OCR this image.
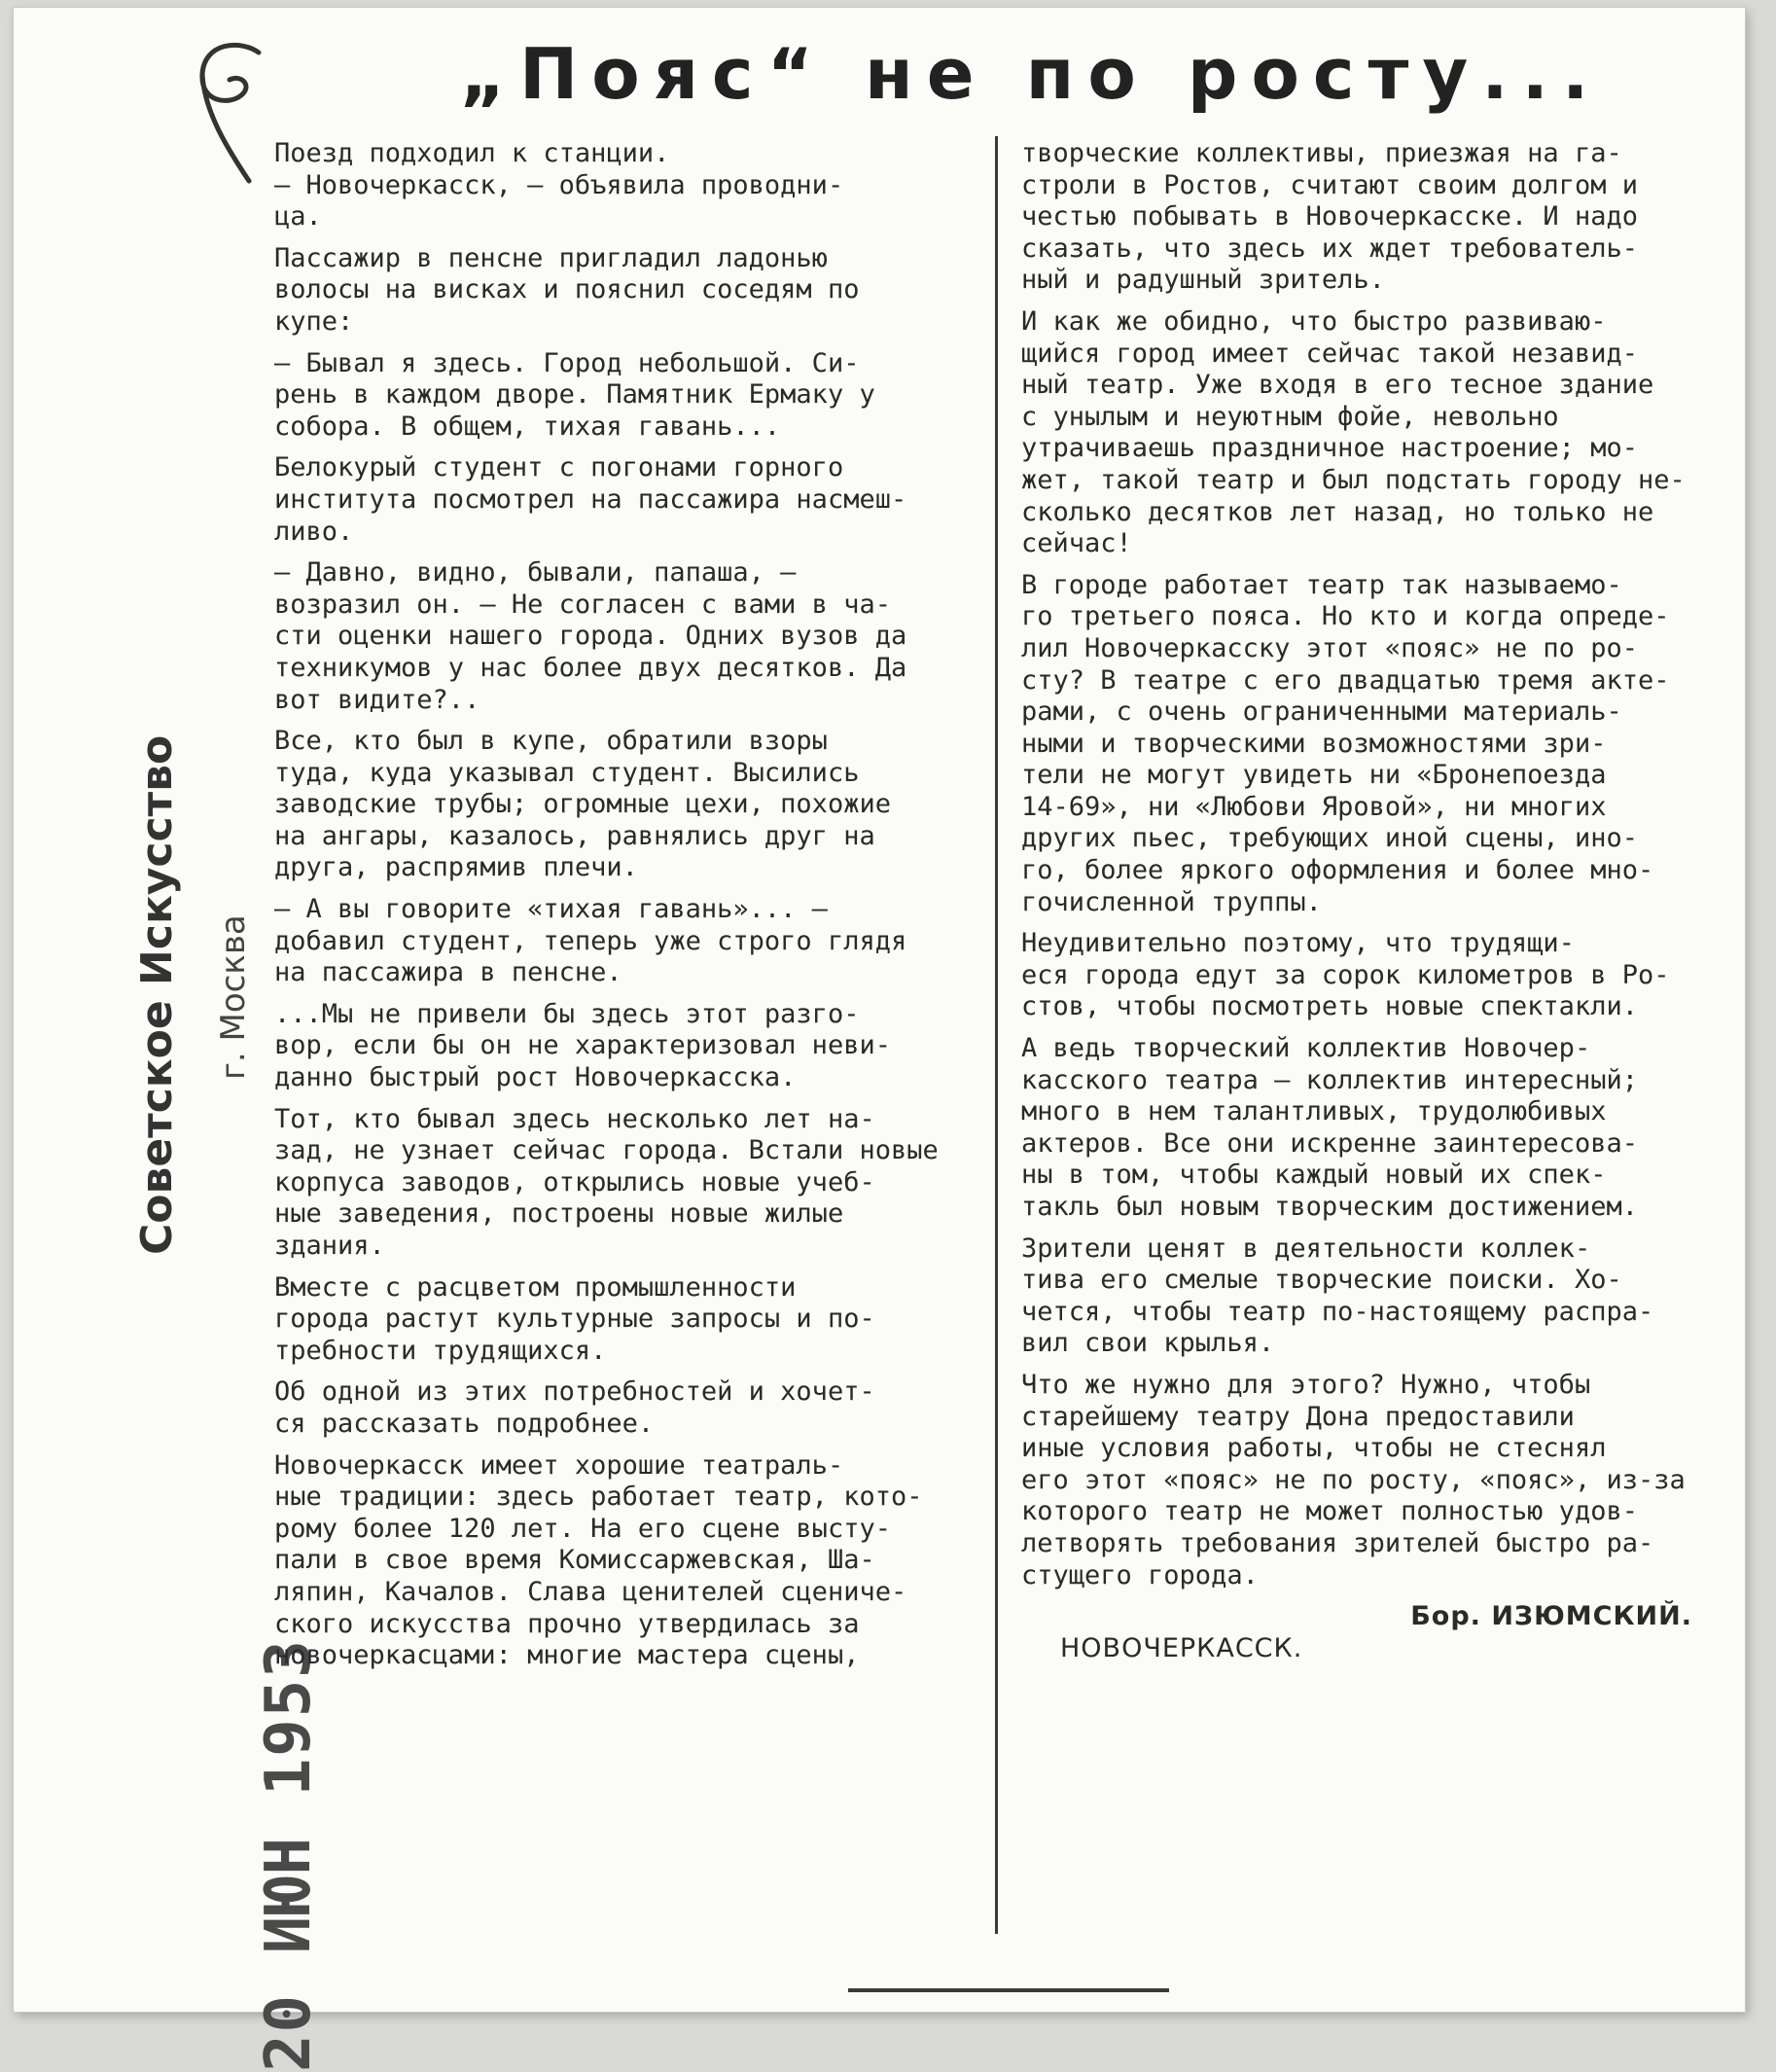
„Пояс“ не по росту...
Советское Искусство г. Москва
20 ИЮН 1953

Поезд подходил к станции.

— Новочеркасск, — объявила проводни-

ца.

Пассажир в пенсне пригладил ладонью

волосы на висках и пояснил соседям по

купе:

— Бывал я здесь. Город небольшой. Си-

рень в каждом дворе. Памятник Ермаку у

собора. В общем, тихая гавань...

Белокурый студент с погонами горного

института посмотрел на пассажира насмеш-

ливо.

— Давно, видно, бывали, папаша, —

возразил он. — Не согласен с вами в ча-

сти оценки нашего города. Одних вузов да

техникумов у нас более двух десятков. Да

вот видите?..

Все, кто был в купе, обратили взоры

туда, куда указывал студент. Высились

заводские трубы; огромные цехи, похожие

на ангары, казалось, равнялись друг на

друга, распрямив плечи.

— А вы говорите «тихая гавань»... —

добавил студент, теперь уже строго глядя

на пассажира в пенсне.

...Мы не привели бы здесь этот разго-

вор, если бы он не характеризовал неви-

данно быстрый рост Новочеркасска.

Тот, кто бывал здесь несколько лет на-

зад, не узнает сейчас города. Встали новые

корпуса заводов, открылись новые учеб-

ные заведения, построены новые жилые

здания.

Вместе с расцветом промышленности

города растут культурные запросы и по-

требности трудящихся.

Об одной из этих потребностей и хочет-

ся рассказать подробнее.

Новочеркасск имеет хорошие театраль-

ные традиции: здесь работает театр, кото-

рому более 120 лет. На его сцене высту-

пали в свое время Комиссаржевская, Ша-

ляпин, Качалов. Слава ценителей сцениче-

ского искусства прочно утвердилась за

новочеркасцами: многие мастера сцены,

творческие коллективы, приезжая на га-

строли в Ростов, считают своим долгом и

честью побывать в Новочеркасске. И надо

сказать, что здесь их ждет требователь-

ный и радушный зритель.

И как же обидно, что быстро развиваю-

щийся город имеет сейчас такой незавид-

ный театр. Уже входя в его тесное здание

с унылым и неуютным фойе, невольно

утрачиваешь праздничное настроение; мо-

жет, такой театр и был подстать городу не-

сколько десятков лет назад, но только не

сейчас!

В городе работает театр так называемо-

го третьего пояса. Но кто и когда опреде-

лил Новочеркасску этот «пояс» не по ро-

сту? В театре с его двадцатью тремя акте-

рами, с очень ограниченными материаль-

ными и творческими возможностями зри-

тели не могут увидеть ни «Бронепоезда

14-69», ни «Любови Яровой», ни многих

других пьес, требующих иной сцены, ино-

го, более яркого оформления и более мно-

гочисленной труппы.

Неудивительно поэтому, что трудящи-

еся города едут за сорок километров в Ро-

стов, чтобы посмотреть новые спектакли.

А ведь творческий коллектив Новочер-

касского театра — коллектив интересный;

много в нем талантливых, трудолюбивых

актеров. Все они искренне заинтересова-

ны в том, чтобы каждый новый их спек-

такль был новым творческим достижением.

Зрители ценят в деятельности коллек-

тива его смелые творческие поиски. Хо-

чется, чтобы театр по-настоящему распра-

вил свои крылья.

Что же нужно для этого? Нужно, чтобы

старейшему театру Дона предоставили

иные условия работы, чтобы не стеснял

его этот «пояс» не по росту, «пояс», из-за

которого театр не может полностью удов-

летворять требования зрителей быстро ра-

стущего города.

Бор. ИЗЮМСКИЙ.

НОВОЧЕРКАССК.
